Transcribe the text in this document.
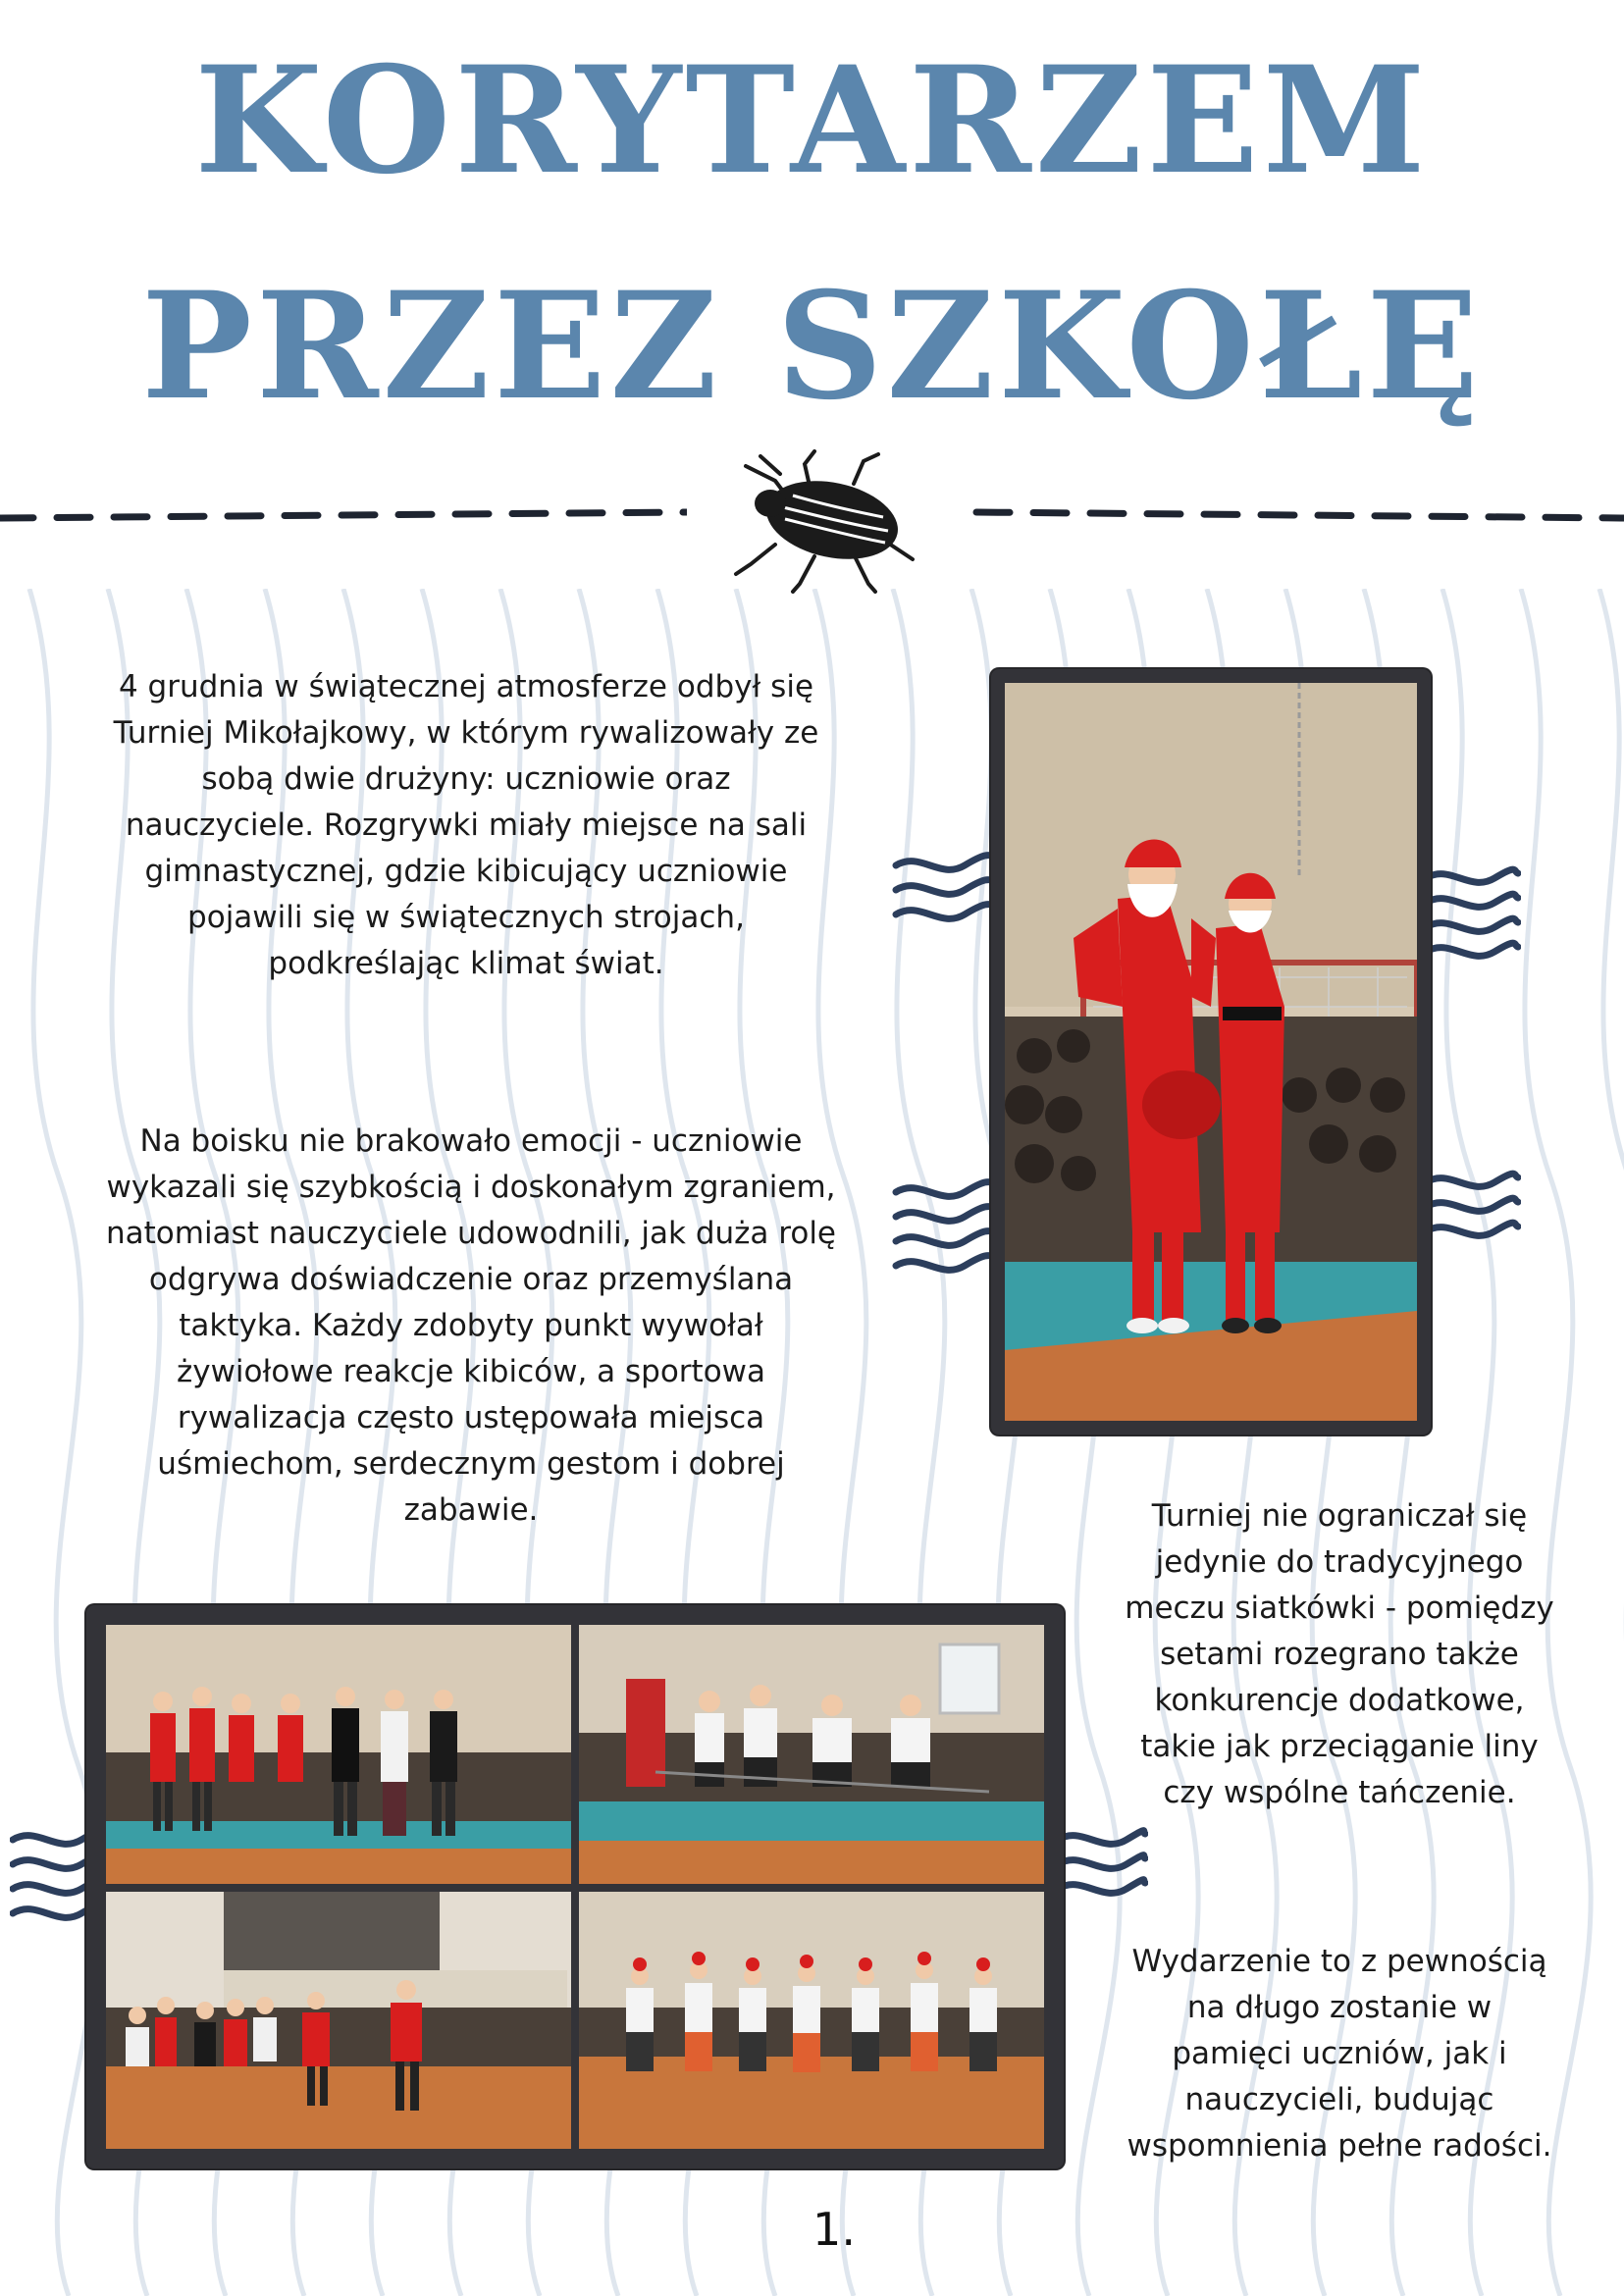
KORYTARZEM
PRZEZ SZKOŁĘ
4 grudnia w świątecznej atmosferze odbył się Turniej Mikołajkowy, w którym rywalizowały ze sobą dwie drużyny: uczniowie oraz nauczyciele. Rozgrywki miały miejsce na sali gimnastycznej, gdzie kibicujący uczniowie pojawili się w świątecznych strojach, podkreślając klimat świat.
Na boisku nie brakowało emocji - uczniowie wykazali się szybkością i doskonałym zgraniem, natomiast nauczyciele udowodnili, jak duża rolę odgrywa doświadczenie oraz przemyślana taktyka. Każdy zdobyty punkt wywołał żywiołowe reakcje kibiców, a sportowa rywalizacja często ustępowała miejsca uśmiechom, serdecznym gestom i dobrej zabawie.	Turniej nie ograniczał się jedynie do tradycyjnego meczu siatkówki - pomiędzy setami rozegrano także konkurencje dodatkowe, takie jak przeciąganie liny czy wspólne tańczenie.
Wydarzenie to z pewnością na długo zostanie w pamięci uczniów, jak i nauczycieli, budując wspomnienia pełne radości.
1.
